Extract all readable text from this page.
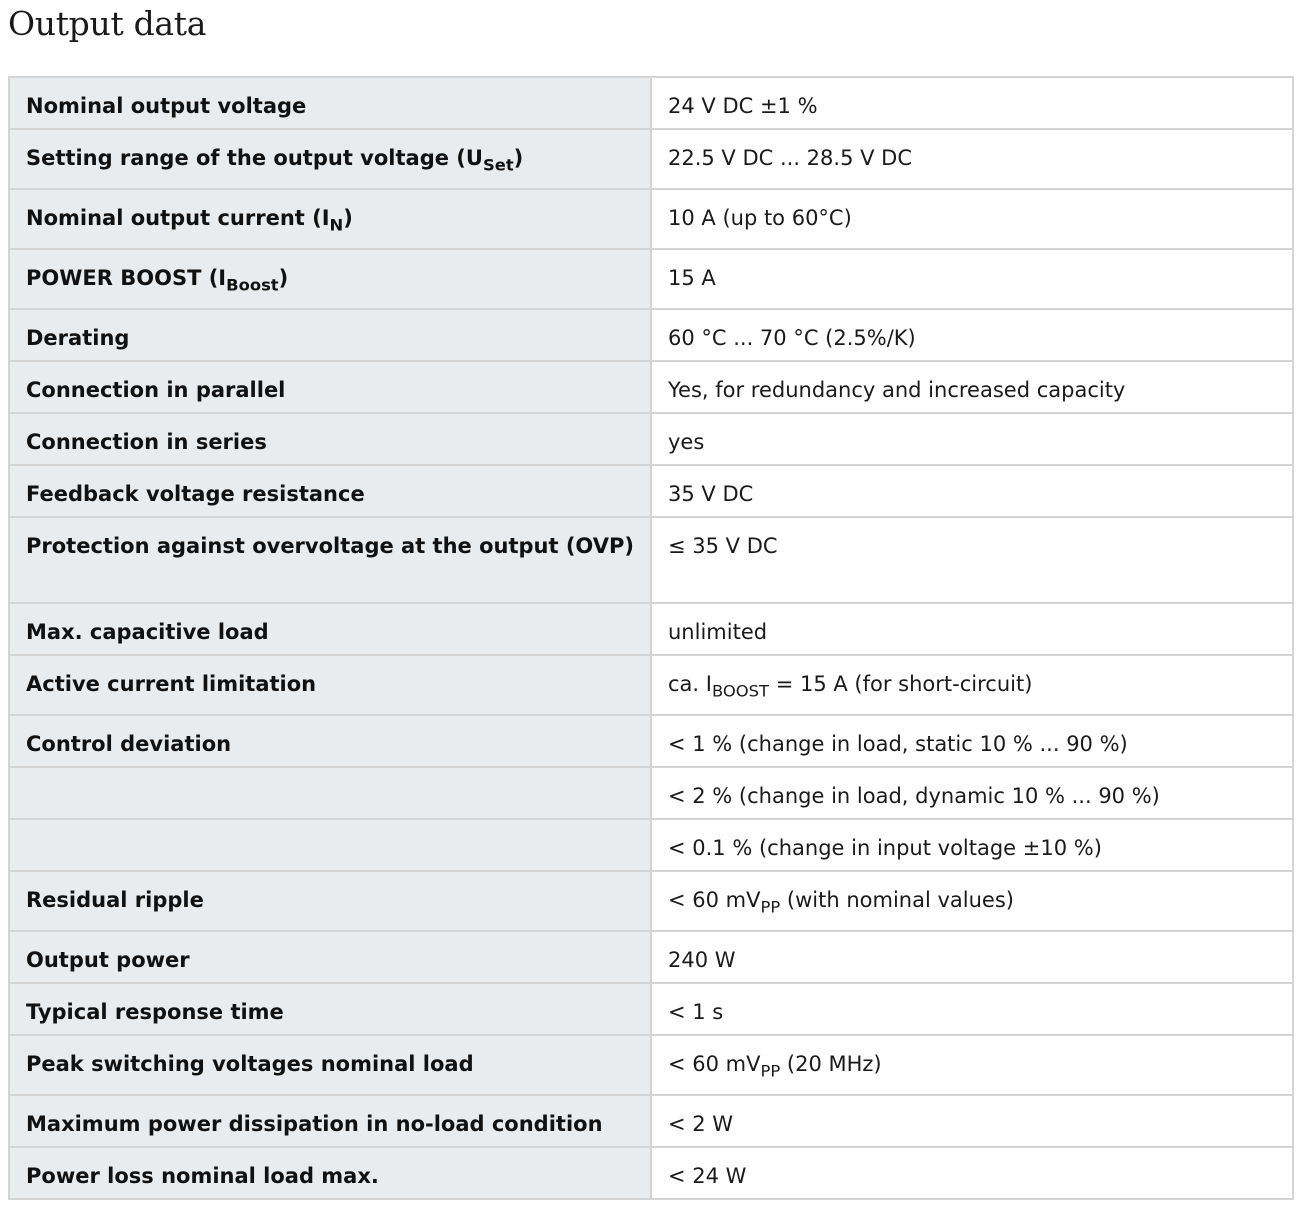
Output data
Nominal output voltage	24 V DC ±1 %
Setting range of the output voltage $(U_{Set})$	22.5 V DC ... 28.5 V DC
Nominal output current $(I_N)$	10 A (up to 60°C)
POWER BOOST $(I_{Boost})$	15 A
Derating	60 °C ... 70 °C (2.5%/K)
Connection in parallel	Yes, for redundancy and increased capacity
Connection in series	yes
Feedback voltage resistance	35 V DC
Protection against overvoltage at the output (OVP)	≤ 35 V DC
Max. capacitive load	unlimited
Active current limitation	ca. $I_{BOOST} = 15$ A (for short-circuit)
Control deviation	< 1 % (change in load, static 10 % ... 90 %)
	< 2 % (change in load, dynamic 10 % ... 90 %)
	< 0.1 % (change in input voltage ±10 %)
Residual ripple	< 60 $mV_{PP}$ (with nominal values)
Output power	240 W
Typical response time	< 1 s
Peak switching voltages nominal load	< 60 $mV_{PP}$ (20 MHz)
Maximum power dissipation in no-load condition	< 2 W
Power loss nominal load max.	< 24 W
